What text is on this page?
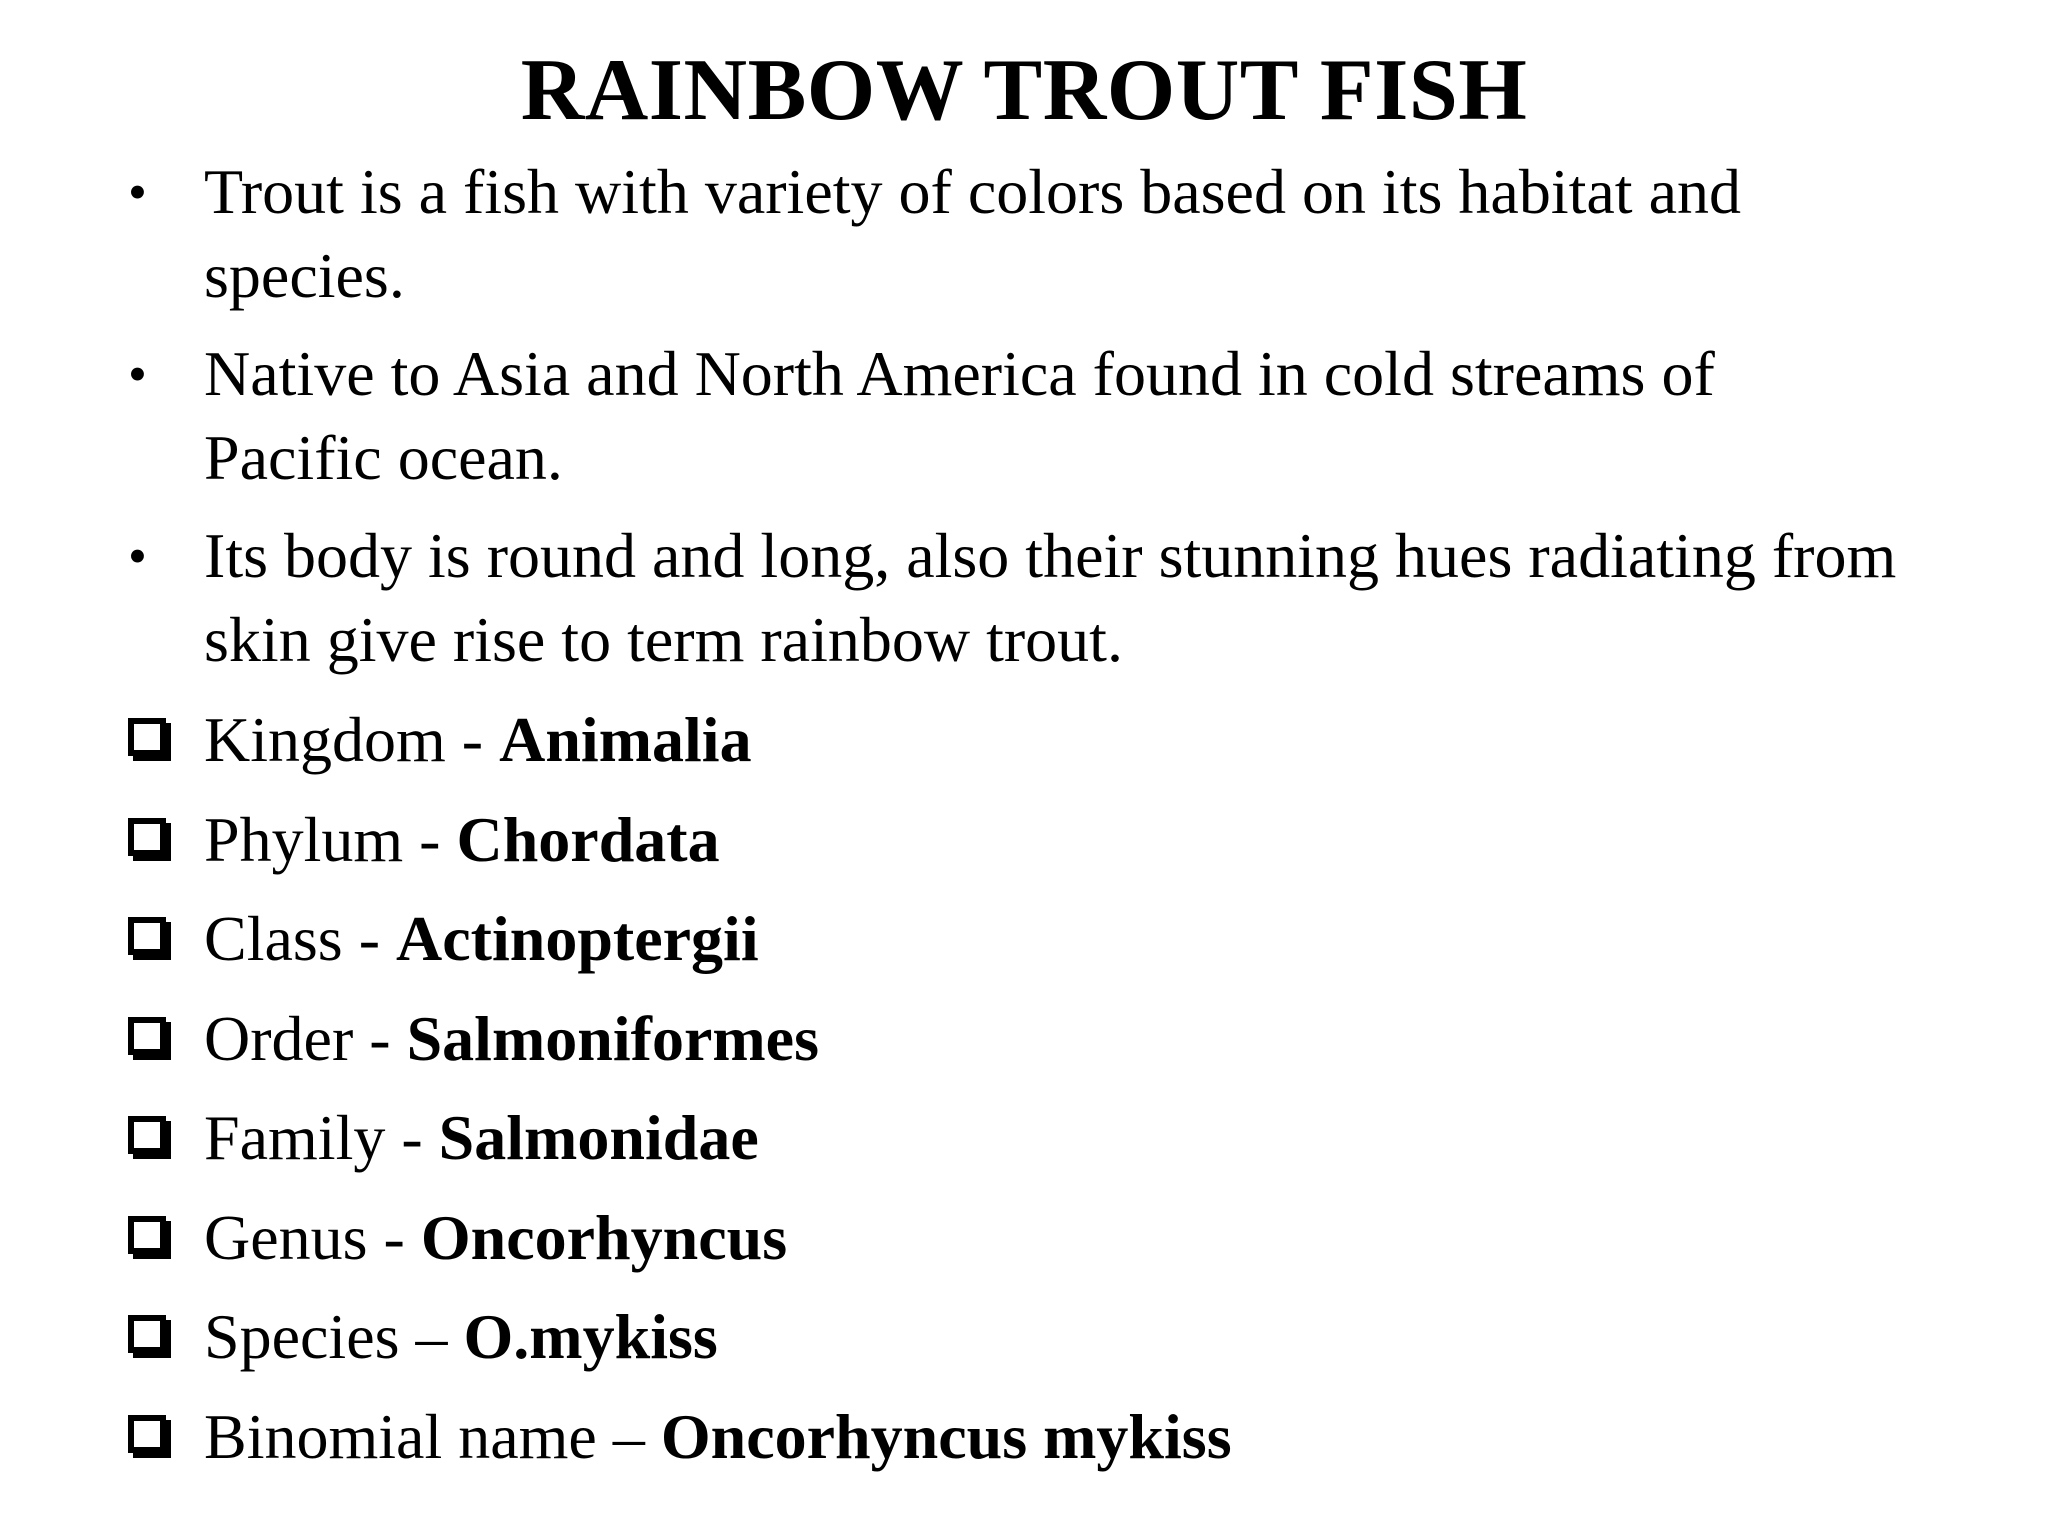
RAINBOW TROUT FISH
• Trout is a fish with variety of colors based on its habitat and species.
• Native to Asia and North America found in cold streams of Pacific ocean.
• Its body is round and long, also their stunning hues radiating from skin give rise to term rainbow trout.
Kingdom - Animalia
Phylum - Chordata
Class - Actinoptergii
Order - Salmoniformes
Family - Salmonidae
Genus - Oncorhyncus
Species – O.mykiss
Binomial name – Oncorhyncus mykiss
